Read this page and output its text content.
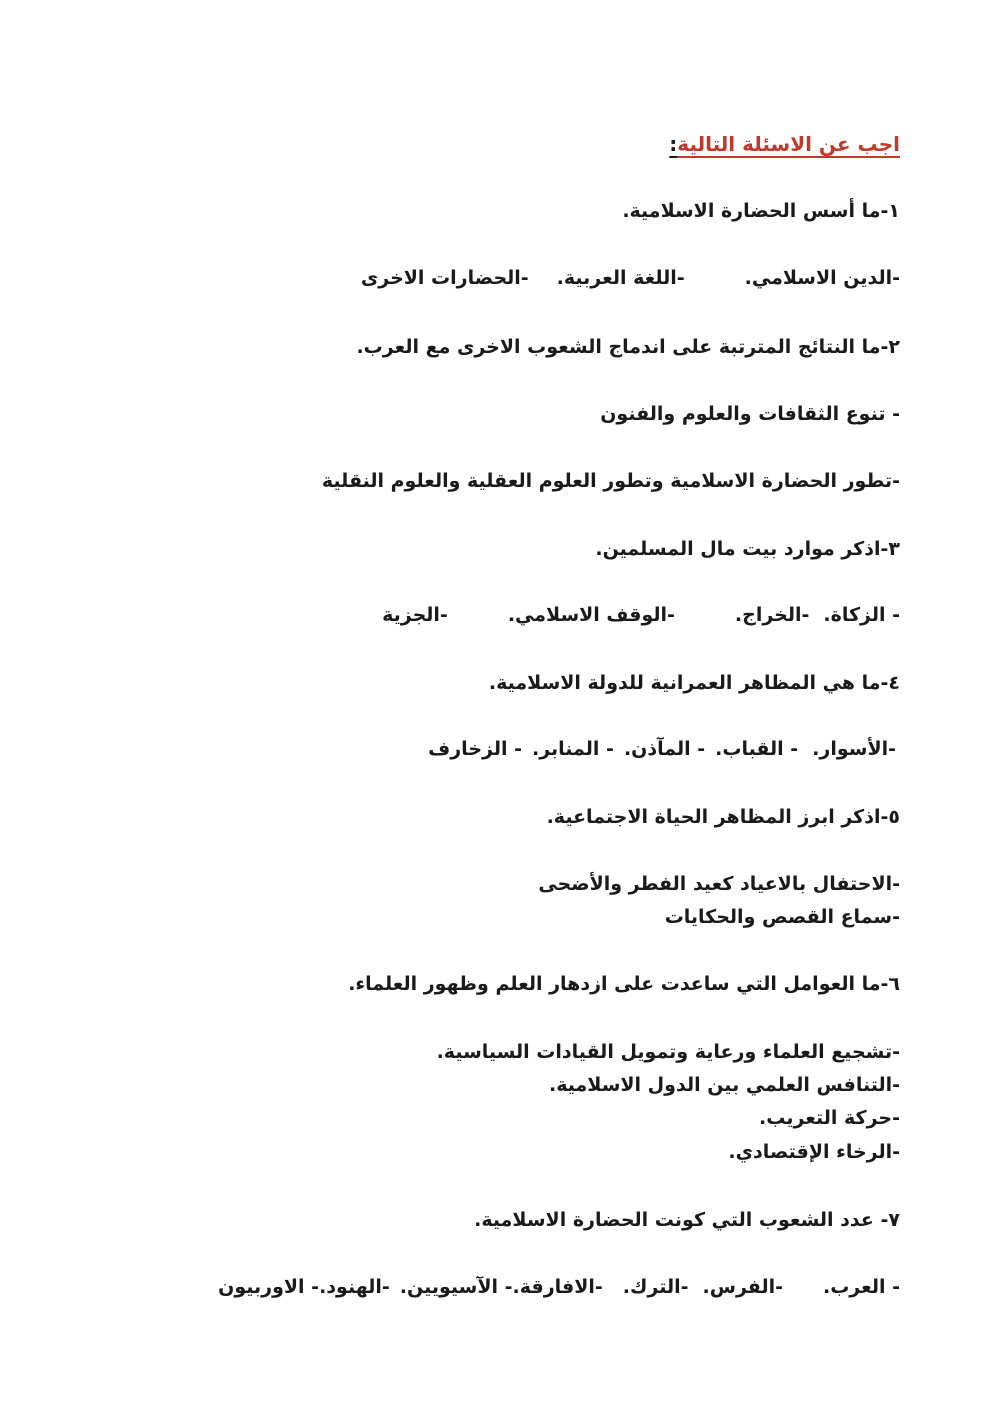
اجب عن الاسئلة التالية:
١-ما أسس الحضارة الاسلامية.
-الدين الاسلامي.-اللغة العربية.-الحضارات الاخرى
٢-ما النتائج المترتبة على اندماج الشعوب الاخرى مع العرب.
- تنوع الثقافات والعلوم والفنون
-تطور الحضارة الاسلامية وتطور العلوم العقلية والعلوم النقلية
٣-اذكر موارد بيت مال المسلمين.
- الزكاة.-الخراج.-الوقف الاسلامي.-الجزية
٤-ما هي المظاهر العمرانية للدولة الاسلامية.
-الأسوار.- القباب.- المآذن.- المنابر.- الزخارف
٥-اذكر ابرز المظاهر الحياة الاجتماعية.
-الاحتفال بالاعياد كعيد الفطر والأضحى
-سماع القصص والحكايات
٦-ما العوامل التي ساعدت على ازدهار العلم وظهور العلماء.
-تشجيع العلماء ورعاية وتمويل القيادات السياسية.
-التنافس العلمي بين الدول الاسلامية.
-حركة التعريب.
-الرخاء الإقتصادي.
٧- عدد الشعوب التي كونت الحضارة الاسلامية.
- العرب.-الفرس.-الترك.-الافارقة.- الآسيويين.-الهنود.- الاوربيون
